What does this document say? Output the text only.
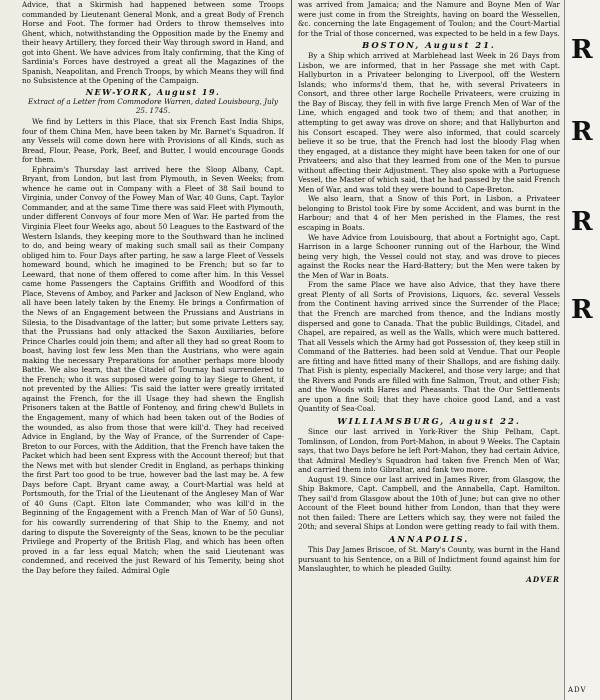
Advice, that a Skirmish had happened between some Troops commanded by Lieutenant General Monk, and a great Body of French Horse and Foot. The former had Orders to throw themselves into Ghent, which, notwithstanding the Opposition made by the Enemy and their heavy Artillery, they forced their Way through sword in Hand, and got into Ghent. We have advices from Italy confirming, that the King of Sardinia's Forces have destroyed a great all the Magazines of the Spanish, Neapolitan, and French Troops, by which Means they will find no Subsistence at the Opening of the Campaign.

NEW-YORK, August 19.

Extract of a Letter from Commodore Warren, dated Louisbourg, July 25. 1745.

We find by Letters in this Place, that six French East India Ships, four of them China Men, have been taken by Mr. Barnet's Squadron. If any Vessels will come down here with Provisions of all Kinds, such as Bread, Flour, Pease, Pork, Beef, and Butter, I would encourage Goods for them.

Ephraim's Thursday last arrived here the Sloop Albany, Capt. Bryant, from London, but last from Plymouth, in Seven Weeks; from whence he came out in Company with a Fleet of 38 Sail bound to Virginia, under Convoy of the Fowey Man of War, 40 Guns, Capt. Taylor Commander, and at the same Time there was said Fleet with Plymouth, under different Convoys of four more Men of War. He parted from the Virginia Fleet four Weeks ago, about 50 Leagues to the Eastward of the Western Islands, they keeping more to the Southward than he inclined to do, and being weary of making such small sail as their Company obliged him to. Four Days after parting, he saw a large Fleet of Vessels homeward bound, which he imagined to be French; but so far to Leeward, that none of them offered to come after him. In this Vessel came home Passengers the Captains Griffith and Woodford of this Place, Stevens of Amboy, and Parker and Jackson of New England, who all have been lately taken by the Enemy. He brings a Confirmation of the News of an Engagement between the Prussians and Austrians in Silesia, to the Disadvantage of the latter; but some private Letters say, that the Prussians had only attacked the Saxon Auxiliaries, before Prince Charles could join them; and after all they had so great Room to boast, having lost few less Men than the Austrians, who were again making the necessary Preparations for another perhaps more bloody Battle. We also learn, that the Citadel of Tournay had surrendered to the French; who it was supposed were going to lay Siege to Ghent, if not prevented by the Allies: 'Tis said the latter were greatly irritated against the French, for the ill Usage they had shewn the English Prisoners taken at the Battle of Fontenoy, and firing chew'd Bullets in the Engagement, many of which had been taken out of the Bodies of the wounded, as also from those that were kill'd. They had received Advice in England, by the Way of France, of the Surrender of Cape-Breton to our Forces, with the Addition, that the French have taken the Packet which had been sent Express with the Account thereof; but that the News met with but slender Credit in England, as perhaps thinking the first Part too good to be true, however bad the last may be. A few Days before Capt. Bryant came away, a Court-Martial was held at Portsmouth, for the Trial of the Lieutenant of the Anglesey Man of War of 40 Guns (Capt. Elton late Commander, who was kill'd in the Beginning of the Engagement with a French Man of War of 50 Guns), for his cowardly surrendering of that Ship to the Enemy, and not daring to dispute the Sovereignty of the Seas, known to be the peculiar Privilege and Property of the British Flag, and which has been often proved in a far less equal Match; when the said Lieutenant was condemned, and received the just Reward of his Temerity, being shot the Day before they failed. Admiral Ogle

was arrived from Jamaica; and the Namure and Boyne Men of War were just come in from the Streights, having on board the Wessellen, &c. concerning the late Engagement of Toulon; and the Court-Martial for the Trial of those concerned, was expected to be held in a few Days.

BOSTON, August 21.

By a Ship which arrived at Marblehead last Week in 26 Days from Lisbon, we are informed, that in her Passage she met with Capt. Hallyburton in a Privateer belonging to Liverpool, off the Western Islands; who informs'd them, that he, with several Privateers in Consort, and three other large Rochelle Privateers, were cruizing in the Bay of Biscay, they fell in with five large French Men of War of the Line, which engaged and took two of them; and that another, in attempting to get away was drove on shore; and that Hallyburton and his Consort escaped. They were also informed, that could scarcely believe it so be true, that the French had lost the bloody Flag when they engaged, at a distance they might have been taken for one of our Privateers; and also that they learned from one of the Men to pursue without affecting their Adjustment. They also spoke with a Portuguese Vessel, the Master of which said, that he had passed by the said French Men of War, and was told they were bound to Cape-Breton.

We also learn, that a Snow of this Port, in Lisbon, a Privateer belonging to Bristol took Fire by some Accident, and was burnt in the Harbour; and that 4 of her Men perished in the Flames, the rest escaping in Boats.

We have Advice from Louisbourg, that about a Fortnight ago, Capt. Harrison in a large Schooner running out of the Harbour, the Wind being very high, the Vessel could not stay, and was drove to pieces against the Rocks near the Hard-Battery; but the Men were taken by the Men of War in Boats.

From the same Place we have also Advice, that they have there great Plenty of all Sorts of Provisions, Liquors, &c. several Vessels from the Continent having arrived since the Surrender of the Place; that the French are marched from thence, and the Indians mostly dispersed and gone to Canada. That the public Buildings, Citadel, and Chapel, are repaired, as well as the Walls, which were much battered. That all Vessels which the Army had got Possession of, they keep still in Command of the Batteries. had been sold at Vendue. That our People are fitting and have fitted many of their Shallops, and are fishing daily. That Fish is plenty, especially Mackerel, and those very large; and that the Rivers and Ponds are filled with fine Salmon, Trout, and other Fish; and the Woods with Hares and Pheasants. That the Our Settlements are upon a fine Soil; that they have choice good Land, and a vast Quantity of Sea-Coal.

WILLIAMSBURG, August 22.

Since our last arrived in York-River the Ship Pelham, Capt. Tomlinson, of London, from Port-Mahon, in about 9 Weeks. The Captain says, that two Days before he left Port-Mahon, they had certain Advice, that Admiral Medley's Squadron had taken five French Men of War, and carried them into Gibraltar, and fank two more.

August 19. Since our last arrived in James River, from Glasgow, the Ship Bakmore, Capt. Campbell, and the Annabella, Capt. Hamilton. They sail'd from Glasgow about the 10th of June; but can give no other Account of the Fleet bound hither from London, than that they were not then failed: There are Letters which say, they were not failed the 20th; and several Ships at London were getting ready to fail with them.

ANNAPOLIS.

This Day James Briscoe, of St. Mary's County, was burnt in the Hand pursuant to his Sentence, on a Bill of Indictment found against him for Manslaughter, to which he pleaded Guilty.

ADVER

R
R
R
R
ADV
